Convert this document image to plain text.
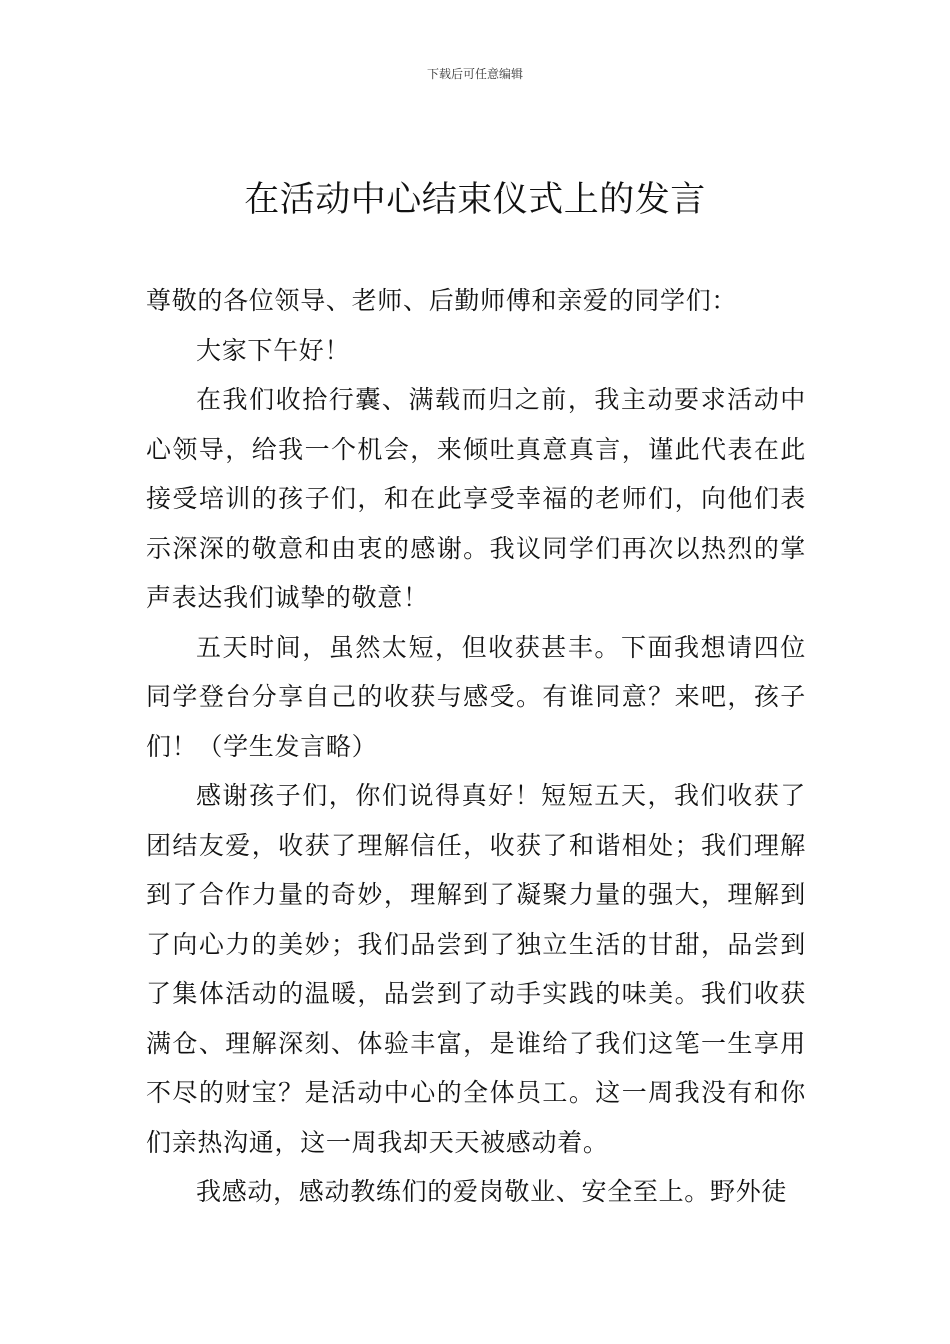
下载后可任意编辑
在活动中心结束仪式上的发言

尊敬的各位领导、老师、后勤师傅和亲爱的同学们：

大家下午好！

在我们收拾行囊、满载而归之前，我主动要求活动中心领导，给我一个机会，来倾吐真意真言，谨此代表在此接受培训的孩子们，和在此享受幸福的老师们，向他们表示深深的敬意和由衷的感谢。我议同学们再次以热烈的掌声表达我们诚挚的敬意！

五天时间，虽然太短，但收获甚丰。下面我想请四位同学登台分享自己的收获与感受。有谁同意？来吧，孩子们！（学生发言略）

感谢孩子们，你们说得真好！短短五天，我们收获了团结友爱，收获了理解信任，收获了和谐相处；我们理解到了合作力量的奇妙，理解到了凝聚力量的强大，理解到了向心力的美妙；我们品尝到了独立生活的甘甜，品尝到了集体活动的温暖，品尝到了动手实践的味美。我们收获满仓、理解深刻、体验丰富，是谁给了我们这笔一生享用不尽的财宝？是活动中心的全体员工。这一周我没有和你们亲热沟通，这一周我却天天被感动着。

我感动，感动教练们的爱岗敬业、安全至上。野外徒
